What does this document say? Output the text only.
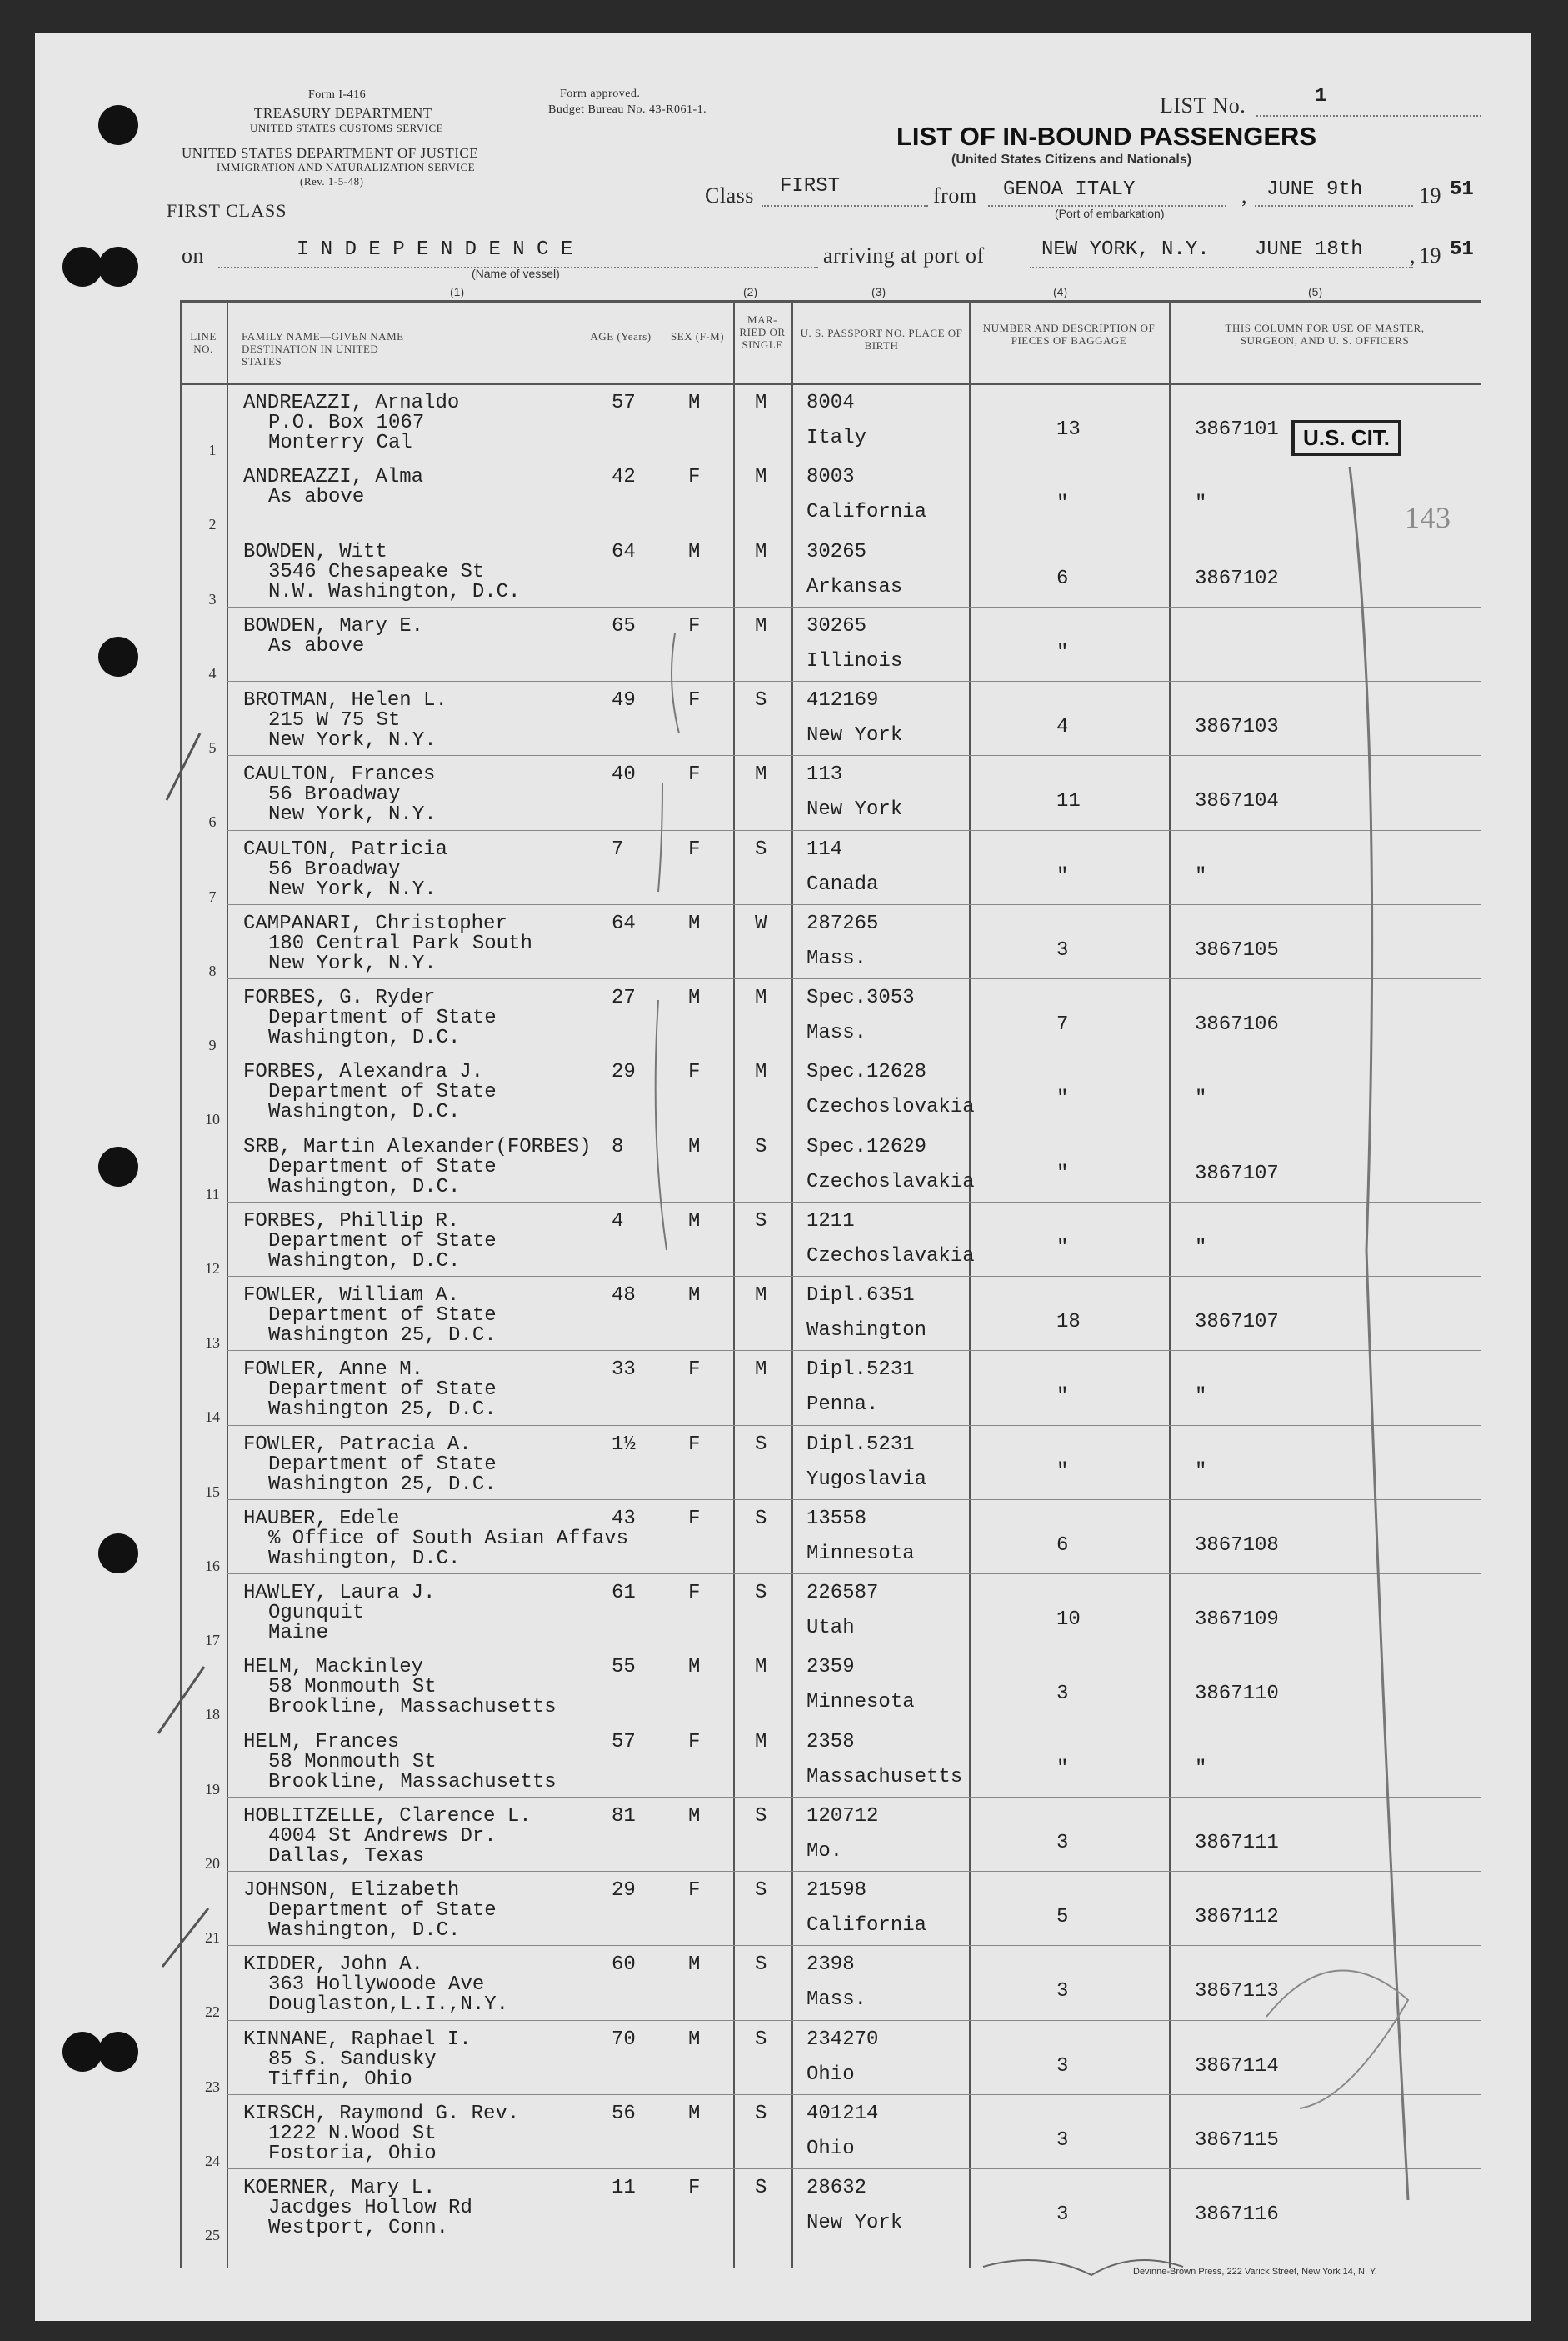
Form I-416
TREASURY DEPARTMENT
UNITED STATES CUSTOMS SERVICE
UNITED STATES DEPARTMENT OF JUSTICE
IMMIGRATION AND NATURALIZATION SERVICE
(Rev. 1-5-48)
FIRST CLASS
Form approved.
Budget Bureau No. 43-R061-1.	LIST No.	1
LIST OF IN-BOUND PASSENGERS
(United States Citizens and Nationals)
Class FIRST	from GENOA ITALY	, JUNE 9th	19 51
(Port of embarkation)
on	I N D E P E N D E N C E
(Name of vessel)
arriving at port of	NEW YORK, N.Y. JUNE 18th , 19 51
(1)	(2)	(3)	(4)	(5)
LINE NO.
FAMILY NAME—GIVEN NAME DESTINATION IN UNITED STATES
AGE (Years)	SEX (F-M)
MAR-RIED OR SINGLE
U. S. PASSPORT NO. PLACE OF BIRTH
NUMBER AND DESCRIPTION OF PIECES OF BAGGAGE
THIS COLUMN FOR USE OF MASTER, SURGEON, AND U. S. OFFICERS
1
ANDREAZZI, Arnaldo
P.O. Box 1067
Monterry Cal
57	M	M 8004
Italy	13	3867101
2
ANDREAZZI, Alma
As above
42	F	M 8003
California	"	"
3
BOWDEN, Witt
3546 Chesapeake St
N.W. Washington, D.C.
64	M	M 30265
Arkansas	6	3867102
4
BOWDEN, Mary E.
As above
65	F	M 30265
Illinois	"
5
BROTMAN, Helen L.
215 W 75 St
New York, N.Y.
49	F	S 412169
New York	4	3867103
6
CAULTON, Frances
56 Broadway
New York, N.Y.
40	F	M 113
New York	11	3867104
7
CAULTON, Patricia
56 Broadway
New York, N.Y.
7	F	S 114
Canada	"	"
8
CAMPANARI, Christopher
180 Central Park South
New York, N.Y.
64	M	W 287265
Mass.	3	3867105
9
FORBES, G. Ryder
Department of State
Washington, D.C.
27	M	M Spec.3053
Mass.	7	3867106
10
FORBES, Alexandra J.
Department of State
Washington, D.C.
29	F	M Spec.12628
Czechoslovakia	"	"
11
SRB, Martin Alexander(FORBES)
Department of State
Washington, D.C.
8	M	S Spec.12629
Czechoslavakia	"	3867107
12
FORBES, Phillip R.
Department of State
Washington, D.C.
4	M	S 1211
Czechoslavakia	"	"
13
FOWLER, William A.
Department of State
Washington 25, D.C.
48	M	M Dipl.6351
Washington	18	3867107
14
FOWLER, Anne M.
Department of State
Washington 25, D.C.
33	F	M Dipl.5231
Penna.	"	"
15
FOWLER, Patracia A.
Department of State
Washington 25, D.C.
1½	F	S Dipl.5231
Yugoslavia	"	"
16
HAUBER, Edele
% Office of South Asian Affavs
Washington, D.C.
43	F	S 13558
Minnesota	6	3867108
17
HAWLEY, Laura J.
Ogunquit
Maine
61	F	S 226587
Utah	10	3867109
18
HELM, Mackinley
58 Monmouth St
Brookline, Massachusetts
55	M	M 2359
Minnesota	3	3867110
19
HELM, Frances
58 Monmouth St
Brookline, Massachusetts
57	F	M 2358
Massachusetts	"	"
20
HOBLITZELLE, Clarence L.
4004 St Andrews Dr.
Dallas, Texas
81	M	S 120712
Mo.	3	3867111
21
JOHNSON, Elizabeth
Department of State
Washington, D.C.
29	F	S 21598
California	5	3867112
22
KIDDER, John A.
363 Hollywoode Ave
Douglaston,L.I.,N.Y.
60	M	S 2398
Mass.	3	3867113
23
KINNANE, Raphael I.
85 S. Sandusky
Tiffin, Ohio
70	M	S 234270
Ohio	3	3867114
24
KIRSCH, Raymond G. Rev.
1222 N.Wood St
Fostoria, Ohio
56	M	S 401214
Ohio	3	3867115
25
KOERNER, Mary L.
Jacdges Hollow Rd
Westport, Conn.
11	F	S 28632
New York	3	3867116
U.S. CIT.
143
Devinne-Brown Press, 222 Varick Street, New York 14, N. Y.
